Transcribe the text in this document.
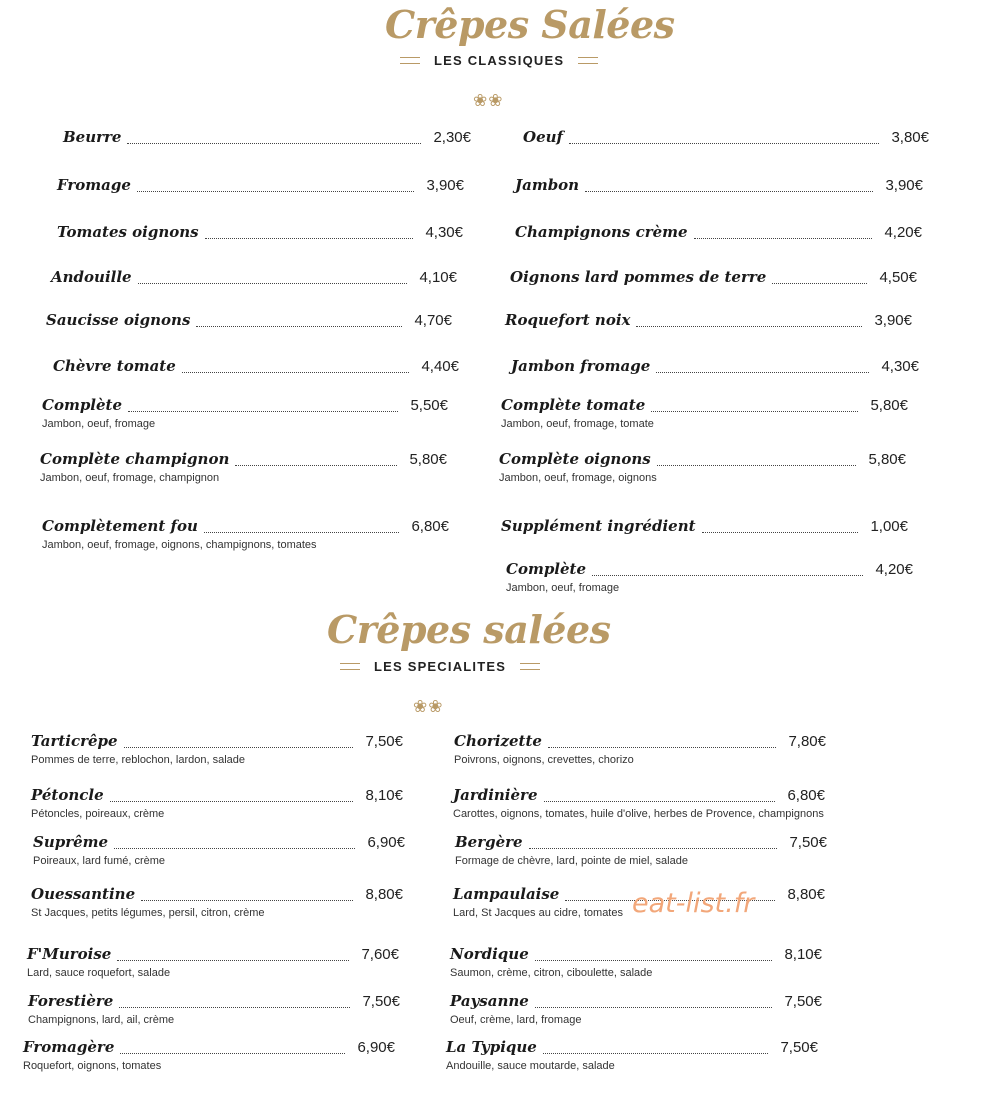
Crêpes Salées
LES CLASSIQUES
❀❀
Beurre	2,30€	Oeuf	3,80€
Fromage	3,90€	Jambon	3,90€
Tomates oignons	4,30€	Champignons crème	4,20€
Andouille	4,10€	Oignons lard pommes de terre	4,50€
Saucisse oignons	4,70€	Roquefort noix	3,90€
Chèvre tomate	4,40€	Jambon fromage	4,30€
Complète	5,50€
Jambon, oeuf, fromage
Complète tomate	5,80€
Jambon, oeuf, fromage, tomate
Complète champignon	5,80€
Jambon, oeuf, fromage, champignon
Complète oignons	5,80€
Jambon, oeuf, fromage, oignons
Complètement fou	6,80€
Jambon, oeuf, fromage, oignons, champignons, tomates
Supplément ingrédient	1,00€
Complète	4,20€
Jambon, oeuf, fromage
Crêpes salées
LES SPECIALITES
❀❀
Tarticrêpe	7,50€
Pommes de terre, reblochon, lardon, salade
Chorizette	7,80€
Poivrons, oignons, crevettes, chorizo
Pétoncle	8,10€
Pétoncles, poireaux, crème
Jardinière	6,80€
Carottes, oignons, tomates, huile d'olive, herbes de Provence, champignons
Suprême	6,90€
Poireaux, lard fumé, crème
Bergère	7,50€
Formage de chèvre, lard, pointe de miel, salade
Ouessantine	8,80€
St Jacques, petits légumes, persil, citron, crème
Lampaulaise	8,80€
Lard, St Jacques au cidre, tomates
F'Muroise	7,60€
Lard, sauce roquefort, salade
Nordique	8,10€
Saumon, crème, citron, ciboulette, salade
Forestière	7,50€
Champignons, lard, ail, crème
Paysanne	7,50€
Oeuf, crème, lard, fromage
Fromagère	6,90€
Roquefort, oignons, tomates
La Typique	7,50€
Andouille, sauce moutarde, salade
eat-list.fr
